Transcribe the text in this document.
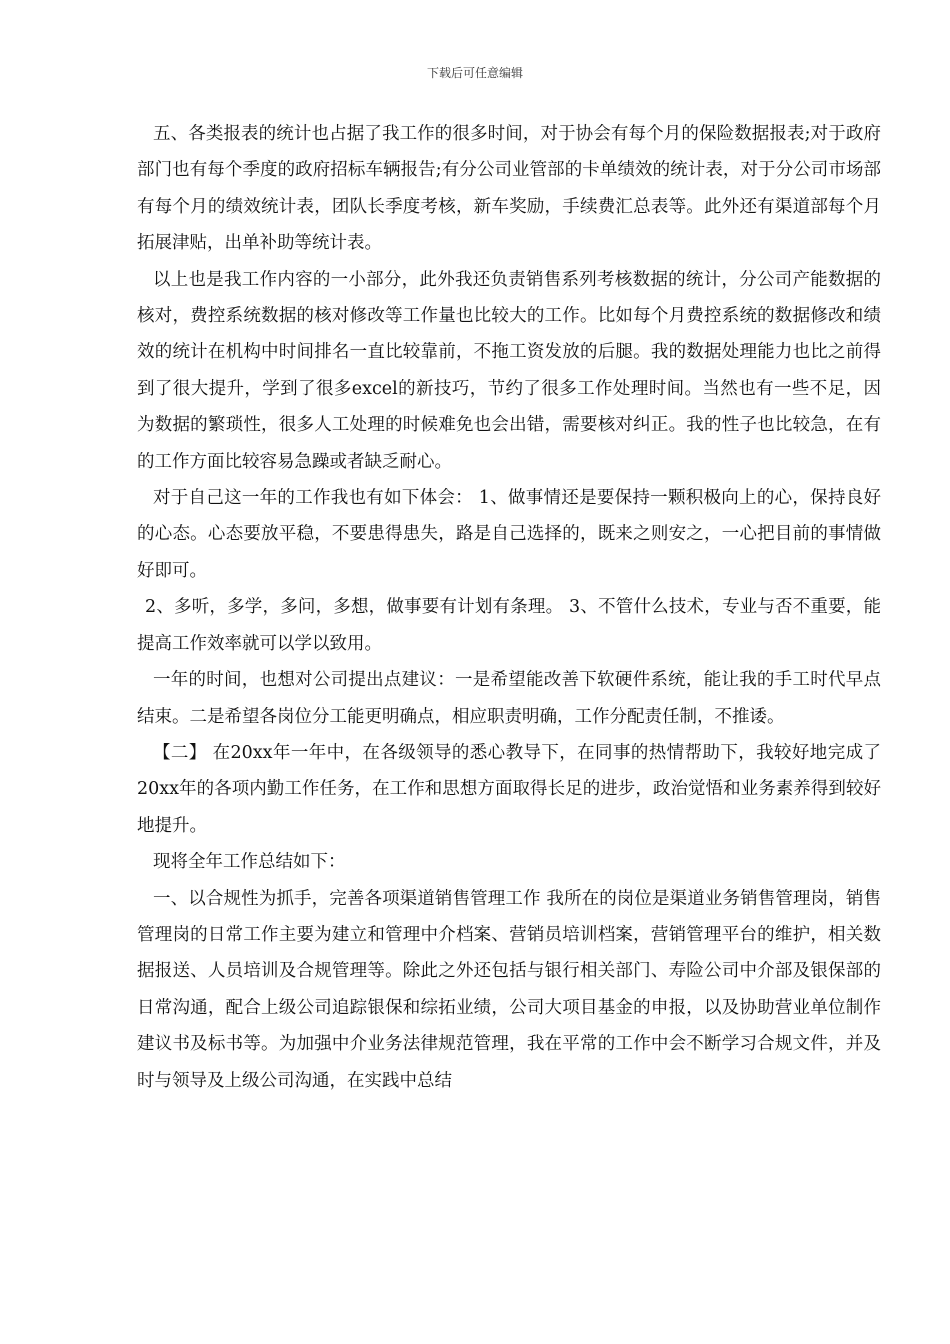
下载后可任意编辑

五、各类报表的统计也占据了我工作的很多时间，对于协会有每个月的保险数据报表;对于政府部门也有每个季度的政府招标车辆报告;有分公司业管部的卡单绩效的统计表，对于分公司市场部有每个月的绩效统计表，团队长季度考核，新车奖励，手续费汇总表等。此外还有渠道部每个月拓展津贴，出单补助等统计表。

以上也是我工作内容的一小部分，此外我还负责销售系列考核数据的统计，分公司产能数据的核对，费控系统数据的核对修改等工作量也比较大的工作。比如每个月费控系统的数据修改和绩效的统计在机构中时间排名一直比较靠前，不拖工资发放的后腿。我的数据处理能力也比之前得到了很大提升，学到了很多excel的新技巧，节约了很多工作处理时间。当然也有一些不足，因为数据的繁琐性，很多人工处理的时候难免也会出错，需要核对纠正。我的性子也比较急，在有的工作方面比较容易急躁或者缺乏耐心。

对于自己这一年的工作我也有如下体会： 1、做事情还是要保持一颗积极向上的心，保持良好的心态。心态要放平稳，不要患得患失，路是自己选择的，既来之则安之，一心把目前的事情做好即可。

2、多听，多学，多问，多想，做事要有计划有条理。 3、不管什么技术，专业与否不重要，能提高工作效率就可以学以致用。

一年的时间，也想对公司提出点建议：一是希望能改善下软硬件系统，能让我的手工时代早点结束。二是希望各岗位分工能更明确点，相应职责明确，工作分配责任制，不推诿。

【二】 在20xx年一年中，在各级领导的悉心教导下，在同事的热情帮助下，我较好地完成了20xx年的各项内勤工作任务，在工作和思想方面取得长足的进步，政治觉悟和业务素养得到较好地提升。

现将全年工作总结如下：

一、以合规性为抓手，完善各项渠道销售管理工作 我所在的岗位是渠道业务销售管理岗，销售管理岗的日常工作主要为建立和管理中介档案、营销员培训档案，营销管理平台的维护，相关数据报送、人员培训及合规管理等。除此之外还包括与银行相关部门、寿险公司中介部及银保部的日常沟通，配合上级公司追踪银保和综拓业绩，公司大项目基金的申报，以及协助营业单位制作建议书及标书等。为加强中介业务法律规范管理，我在平常的工作中会不断学习合规文件，并及时与领导及上级公司沟通，在实践中总结
